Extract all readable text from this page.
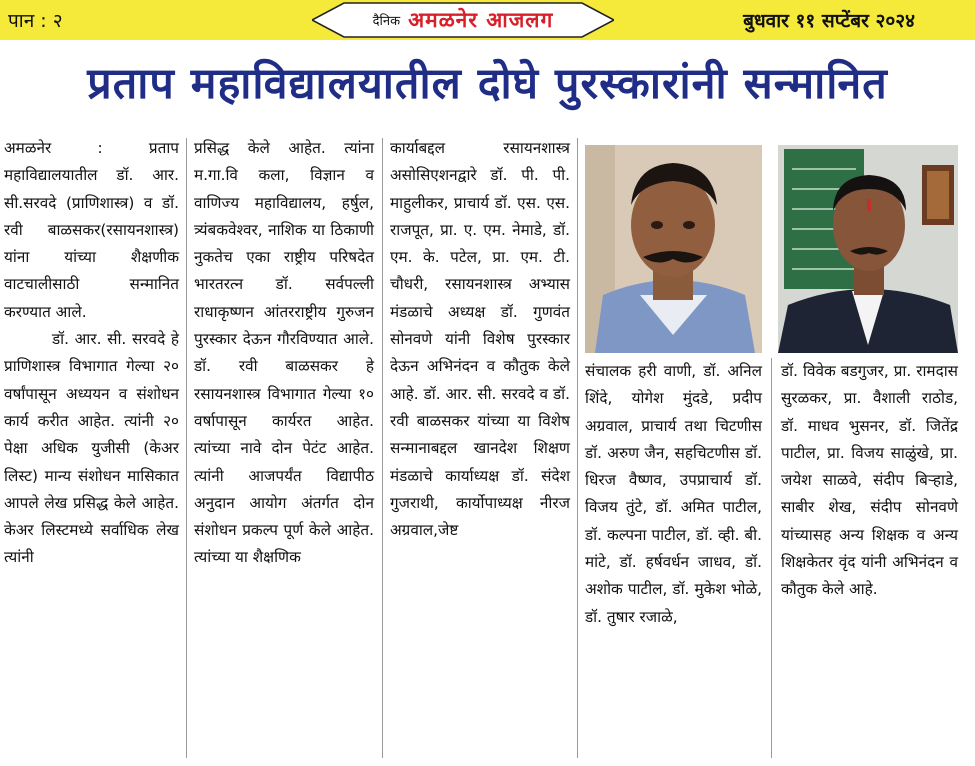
पान : २	दैनिक अमळनेर आजलग	बुधवार ११ सप्टेंबर २०२४
प्रताप महाविद्यालयातील दोघे पुरस्कारांनी सन्मानित
अमळनेर : प्रताप महाविद्यालयातील डॉ. आर. सी.सरवदे (प्राणिशास्त्र) व डॉ. रवी बाळसकर(रसायनशास्त्र) यांना यांच्या शैक्षणीक वाटचालीसाठी सन्मानित करण्यात आले.
डॉ. आर. सी. सरवदे हे प्राणिशास्त्र विभागात गेल्या २० वर्षांपासून अध्ययन व संशोधन कार्य करीत आहेत. त्यांनी २० पेक्षा अधिक युजीसी (केअर लिस्ट) मान्य संशोधन मासिकात आपले लेख प्रसिद्ध केले आहेत. केअर लिस्टमध्ये सर्वाधिक लेख त्यांनी
प्रसिद्ध केले आहेत. त्यांना म.गा.वि कला, विज्ञान व वाणिज्य महाविद्यालय, हर्षुल, त्र्यंबकवेश्वर, नाशिक या ठिकाणी नुकतेच एका राष्ट्रीय परिषदेत भारतरत्न डॉ. सर्वपल्ली राधाकृष्णन आंतरराष्ट्रीय गुरुजन पुरस्कार देऊन गौरविण्यात आले. डॉ. रवी बाळसकर हे रसायनशास्त्र विभागात गेल्या १० वर्षापासून कार्यरत आहेत. त्यांच्या नावे दोन पेटंट आहेत. त्यांनी आजपर्यंत विद्यापीठ अनुदान आयोग अंतर्गत दोन संशोधन प्रकल्प पूर्ण केले आहेत. त्यांच्या या शैक्षणिक
कार्याबद्दल रसायनशास्त्र असोसिएशनद्वारे डॉ. पी. पी. माहुलीकर, प्राचार्य डॉ. एस. एस. राजपूत, प्रा. ए. एम. नेमाडे, डॉ. एम. के. पटेल, प्रा. एम. टी. चौधरी, रसायनशास्त्र अभ्यास मंडळाचे अध्यक्ष डॉ. गुणवंत सोनवणे यांनी विशेष पुरस्कार देऊन अभिनंदन व कौतुक केले आहे. डॉ. आर. सी. सरवदे व डॉ. रवी बाळसकर यांच्या या विशेष सन्मानाबद्दल खानदेश शिक्षण मंडळाचे कार्याध्यक्ष डॉ. संदेश गुजराथी, कार्योपाध्यक्ष नीरज अग्रवाल,जेष्ट
संचालक हरी वाणी, डॉ. अनिल शिंदे, योगेश मुंदडे, प्रदीप अग्रवाल, प्राचार्य तथा चिटणीस डॉ. अरुण जैन, सहचिटणीस डॉ. धिरज वैष्णव, उपप्राचार्य डॉ. विजय तुंटे, डॉ. अमित पाटील, डॉ. कल्पना पाटील, डॉ. व्ही. बी. मांटे, डॉ. हर्षवर्धन जाधव, डॉ. अशोक पाटील, डॉ. मुकेश भोळे, डॉ. तुषार रजाळे,
डॉ. विवेक बडगुजर, प्रा. रामदास सुरळकर, प्रा. वैशाली राठोड, डॉ. माधव भुसनर, डॉ. जितेंद्र पाटील, प्रा. विजय साळुंखे, प्रा. जयेश साळवे, संदीप बिऱ्हाडे, साबीर शेख, संदीप सोनवणे यांच्यासह अन्य शिक्षक व अन्य शिक्षकेतर वृंद यांनी अभिनंदन व कौतुक केले आहे.
